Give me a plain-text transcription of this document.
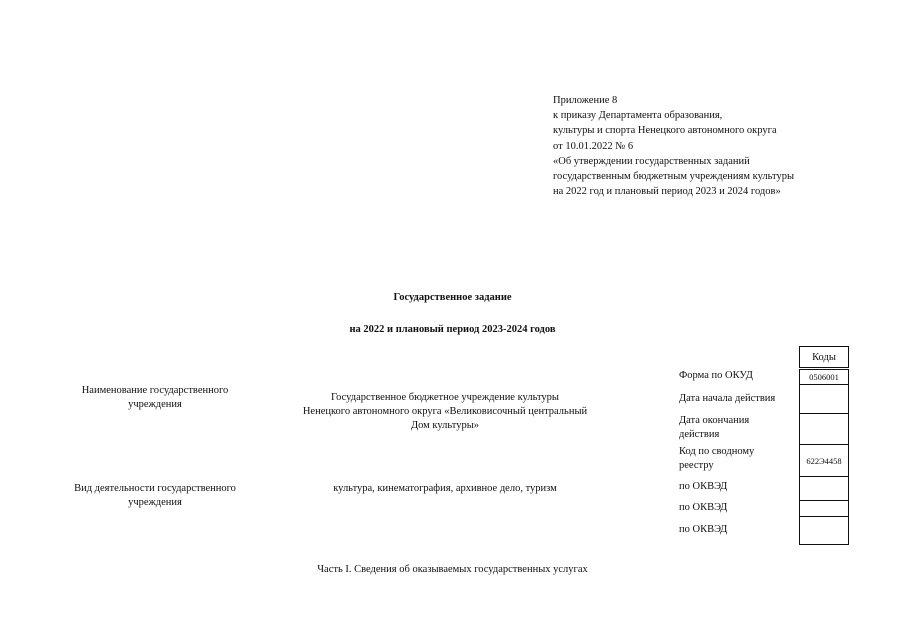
Приложение 8
к приказу Департамента образования,
культуры и спорта Ненецкого автономного округа
от 10.01.2022 № 6
«Об утверждении государственных заданий
государственным бюджетным учреждениям культуры
на 2022 год и плановый период 2023 и 2024 годов»
Государственное задание
на 2022 и плановый период 2023-2024 годов
Наименование государственного
учреждения
Государственное бюджетное учреждение культуры
Ненецкого автономного округа «Великовисочный центральный
Дом культуры»
Вид деятельности государственного
учреждения
культура, кинематография, архивное дело, туризм
Коды
Форма по ОКУД
Дата начала действия
Дата окончания
действия
Код по сводному
реестру
по ОКВЭД
по ОКВЭД
по ОКВЭД
0506001
622Э4458
Часть I. Сведения об оказываемых государственных услугах
